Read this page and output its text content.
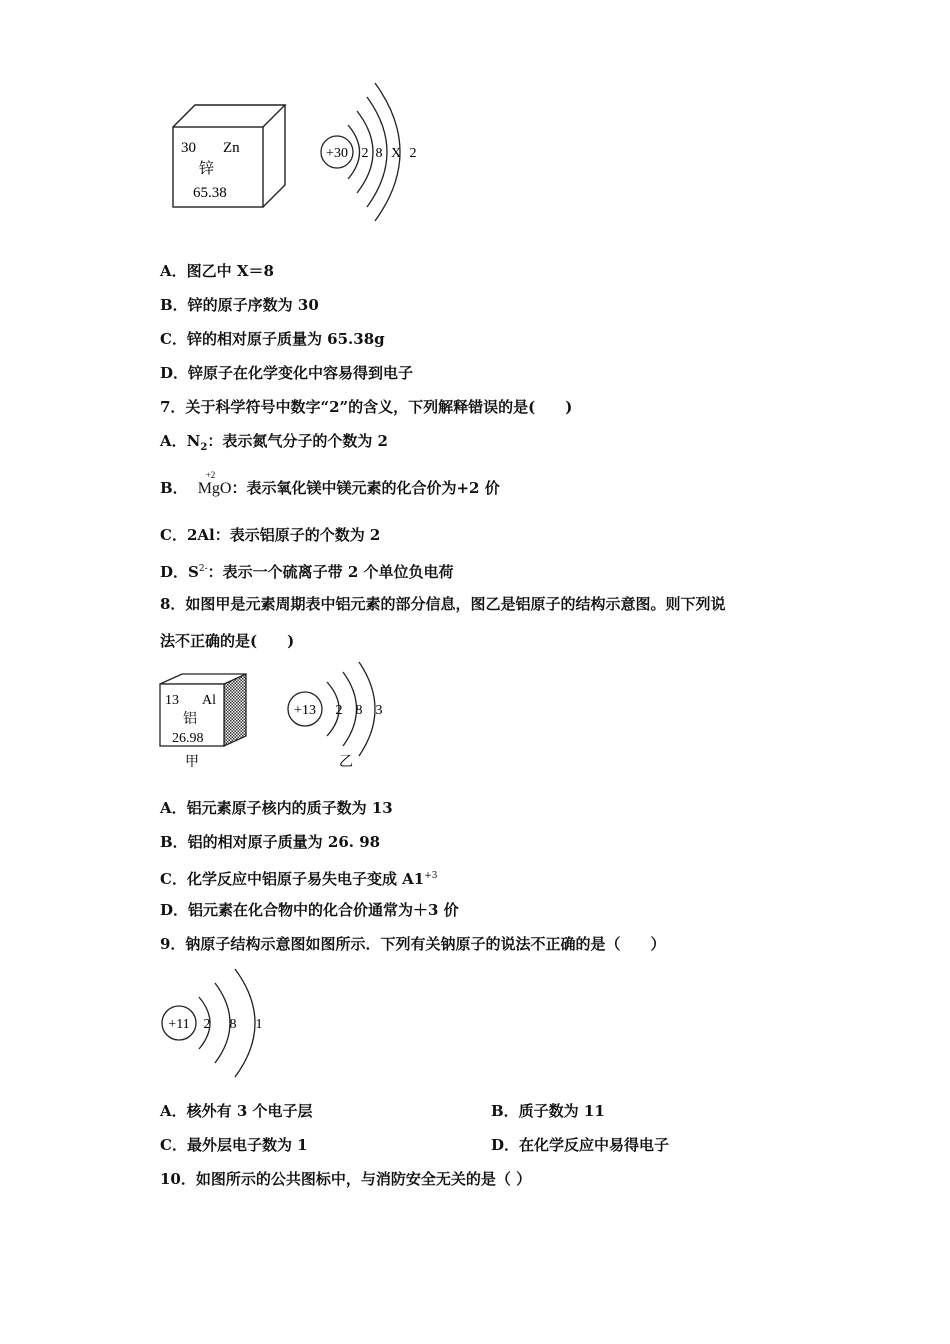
30 Zn
锌
65.38
+30 2 8 X 2
A．图乙中 X＝8
B．锌的原子序数为 30
C．锌的相对原子质量为 65.38g
D．锌原子在化学变化中容易得到电子
7．关于科学符号中数字“2”的含义，下列解释错误的是(　　)
A．$N_2$：表示氮气分子的个数为 2
B．
+2
MgO：表示氧化镁中镁元素的化合价为+2 价
C．2Al：表示铝原子的个数为 2
D．$S^{2-}$：表示一个硫离子带 2 个单位负电荷
8．如图甲是元素周期表中铝元素的部分信息，图乙是铝原子的结构示意图。则下列说
法不正确的是(　　)
13 Al
铝
26.98
甲
+13 2 8 3
乙
A．铝元素原子核内的质子数为 13
B．铝的相对原子质量为 26. 98
C．化学反应中铝原子易失电子变成 $A1^{+3}$
D．铝元素在化合物中的化合价通常为＋3 价
9．钠原子结构示意图如图所示．下列有关钠原子的说法不正确的是（　　）
+11 2 8 1
A．核外有 3 个电子层	B．质子数为 11
C．最外层电子数为 1	D．在化学反应中易得电子
10．如图所示的公共图标中，与消防安全无关的是（ ）
